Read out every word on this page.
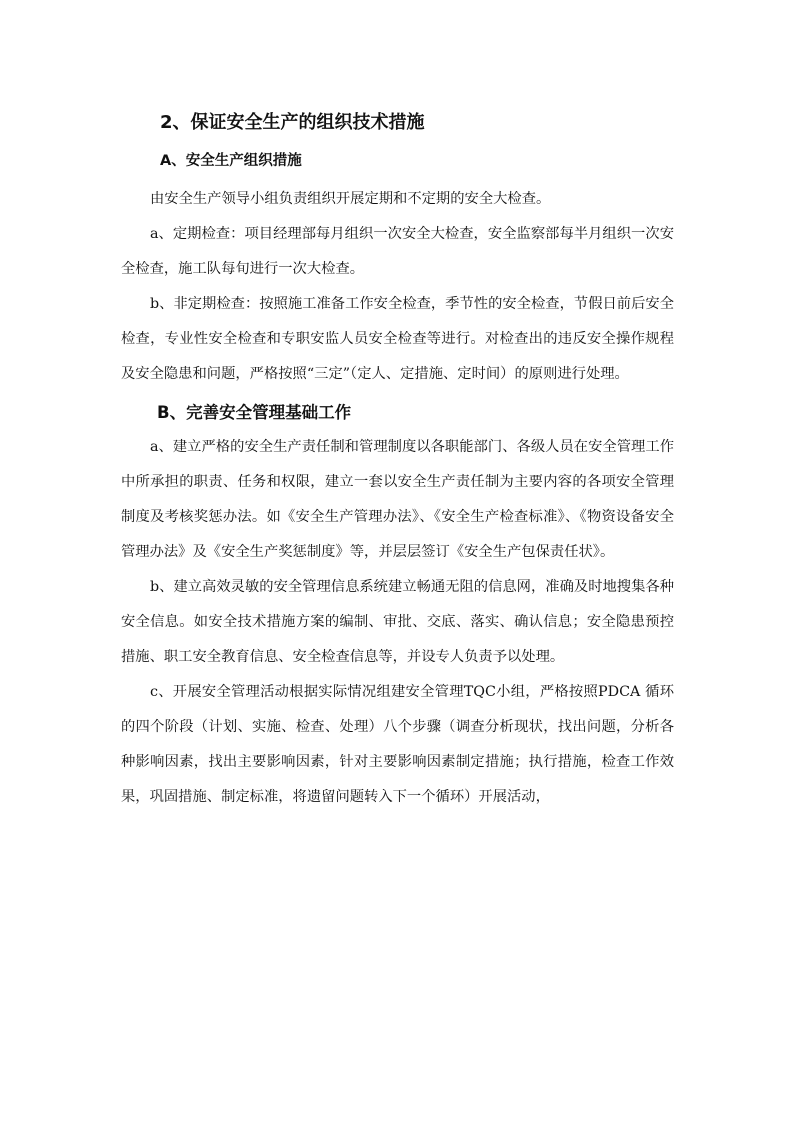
2、保证安全生产的组织技术措施
A、安全生产组织措施

由安全生产领导小组负责组织开展定期和不定期的安全大检查。

a、定期检查：项目经理部每月组织一次安全大检查，安全监察部每半月组织一次安全检查，施工队每旬进行一次大检查。

b、非定期检查：按照施工准备工作安全检查，季节性的安全检查，节假日前后安全检查，专业性安全检查和专职安监人员安全检查等进行。对检查出的违反安全操作规程及安全隐患和问题，严格按照“三定”（定人、定措施、定时间）的原则进行处理。

B、完善安全管理基础工作

a、建立严格的安全生产责任制和管理制度以各职能部门、各级人员在安全管理工作中所承担的职责、任务和权限，建立一套以安全生产责任制为主要内容的各项安全管理制度及考核奖惩办法。如《安全生产管理办法》、《安全生产检查标准》、《物资设备安全管理办法》及《安全生产奖惩制度》等，并层层签订《安全生产包保责任状》。

b、建立高效灵敏的安全管理信息系统建立畅通无阻的信息网，准确及时地搜集各种安全信息。如安全技术措施方案的编制、审批、交底、落实、确认信息；安全隐患预控措施、职工安全教育信息、安全检查信息等，并设专人负责予以处理。

c、开展安全管理活动根据实际情况组建安全管理TQC小组，严格按照PDCA 循环的四个阶段（计划、实施、检查、处理）八个步骤（调查分析现状，找出问题，分析各种影响因素，找出主要影响因素，针对主要影响因素制定措施；执行措施，检查工作效果，巩固措施、制定标准，将遗留问题转入下一个循环）开展活动，
